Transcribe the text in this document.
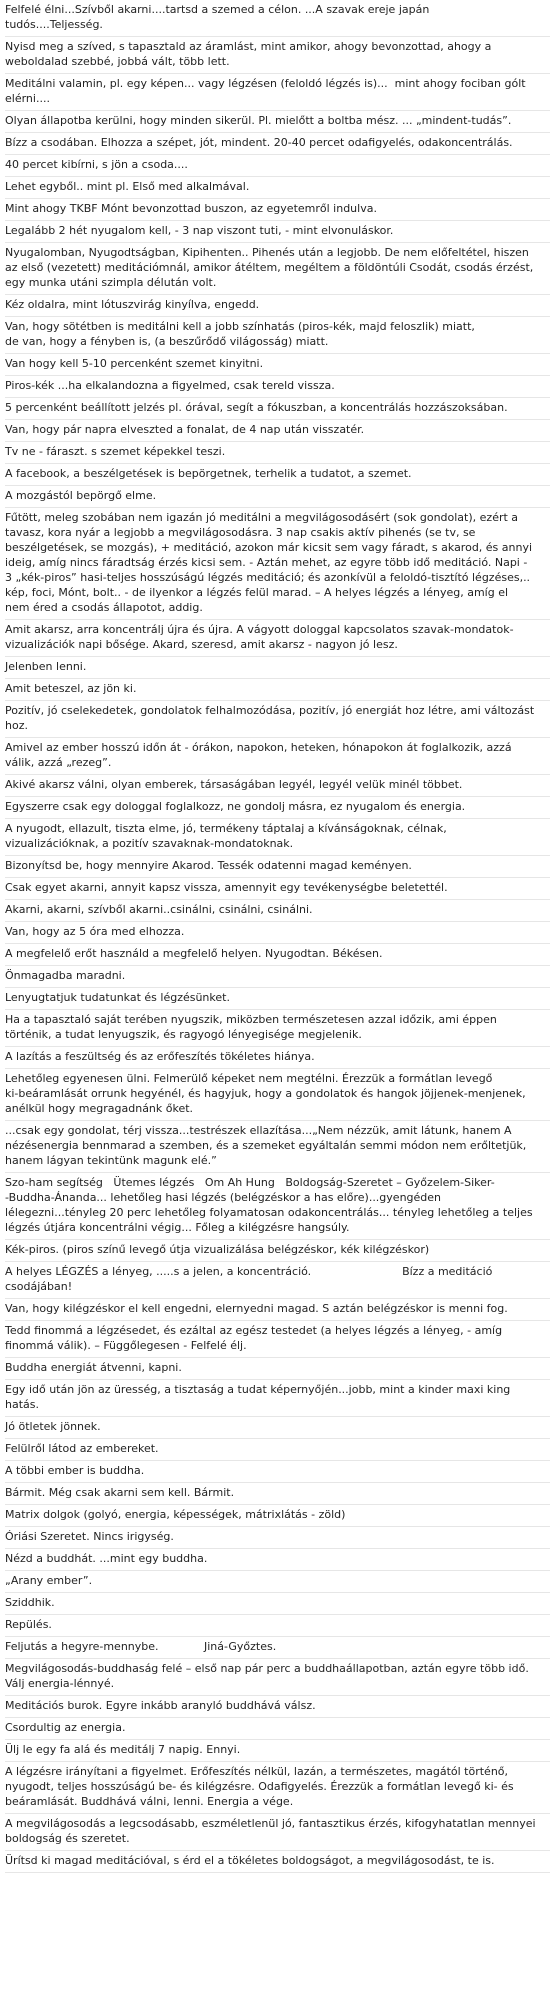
Felfelé élni...Szívből akarni....tartsd a szemed a célon. ...A szavak ereje japán
tudós....Teljesség.
Nyisd meg a szíved, s tapasztald az áramlást, mint amikor, ahogy bevonzottad, ahogy a
weboldalad szebbé, jobbá vált, több lett.
Meditálni valamin, pl. egy képen... vagy légzésen (feloldó légzés is)...  mint ahogy fociban gólt
elérni....
Olyan állapotba kerülni, hogy minden sikerül. Pl. mielőtt a boltba mész. ... „mindent-tudás”.
Bízz a csodában. Elhozza a szépet, jót, mindent. 20-40 percet odafigyelés, odakoncentrálás.
40 percet kibírni, s jön a csoda....
Lehet egyből.. mint pl. Első med alkalmával.
Mint ahogy TKBF Mónt bevonzottad buszon, az egyetemről indulva.
Legalább 2 hét nyugalom kell, - 3 nap viszont tuti, - mint elvonuláskor.
Nyugalomban, Nyugodtságban, Kipihenten.. Pihenés után a legjobb. De nem előfeltétel, hiszen
az első (vezetett) meditációmnál, amikor átéltem, megéltem a földöntúli Csodát, csodás érzést,
egy munka utáni szimpla délután volt.
Kéz oldalra, mint lótuszvirág kinyílva, engedd.
Van, hogy sötétben is meditálni kell a jobb színhatás (piros-kék, majd feloszlik) miatt,
de van, hogy a fényben is, (a beszűrődő világosság) miatt.
Van hogy kell 5-10 percenként szemet kinyitni.
Piros-kék ...ha elkalandozna a figyelmed, csak tereld vissza.
5 percenként beállított jelzés pl. órával, segít a fókuszban, a koncentrálás hozzászoksában.
Van, hogy pár napra elveszted a fonalat, de 4 nap után visszatér.
Tv ne - fáraszt. s szemet képekkel teszi.
A facebook, a beszélgetések is bepörgetnek, terhelik a tudatot, a szemet.
A mozgástól bepörgő elme.
Fűtött, meleg szobában nem igazán jó meditálni a megvilágosodásért (sok gondolat), ezért a
tavasz, kora nyár a legjobb a megvilágosodásra. 3 nap csakis aktív pihenés (se tv, se
beszélgetések, se mozgás), + meditáció, azokon már kicsit sem vagy fáradt, s akarod, és annyi
ideig, amíg nincs fáradtság érzés kicsi sem. - Aztán mehet, az egyre több idő meditáció. Napi -
3 „kék-piros” hasi-teljes hosszúságú légzés meditáció; és azonkívül a feloldó-tisztító légzéses,..
kép, foci, Mónt, bolt.. - de ilyenkor a légzés felül marad. – A helyes légzés a lényeg, amíg el
nem éred a csodás állapotot, addig.
Amit akarsz, arra koncentrálj újra és újra. A vágyott dologgal kapcsolatos szavak-mondatok-
vizualizációk napi bősége. Akard, szeresd, amit akarsz - nagyon jó lesz.
Jelenben lenni.
Amit beteszel, az jön ki.
Pozitív, jó cselekedetek, gondolatok felhalmozódása, pozitív, jó energiát hoz létre, ami változást
hoz.
Amivel az ember hosszú időn át - órákon, napokon, heteken, hónapokon át foglalkozik, azzá
válik, azzá „rezeg”.
Akivé akarsz válni, olyan emberek, társaságában legyél, legyél velük minél többet.
Egyszerre csak egy dologgal foglalkozz, ne gondolj másra, ez nyugalom és energia.
A nyugodt, ellazult, tiszta elme, jó, termékeny táptalaj a kívánságoknak, célnak,
vizualizációknak, a pozitív szavaknak-mondatoknak.
Bizonyítsd be, hogy mennyire Akarod. Tessék odatenni magad keményen.
Csak egyet akarni, annyit kapsz vissza, amennyit egy tevékenységbe beletettél.
Akarni, akarni, szívből akarni..csinálni, csinálni, csinálni.
Van, hogy az 5 óra med elhozza.
A megfelelő erőt használd a megfelelő helyen. Nyugodtan. Békésen.
Önmagadba maradni.
Lenyugtatjuk tudatunkat és légzésünket.
Ha a tapasztaló saját terében nyugszik, miközben természetesen azzal időzik, ami éppen
történik, a tudat lenyugszik, és ragyogó lényegisége megjelenik.
A lazítás a feszültség és az erőfeszítés tökéletes hiánya.
Lehetőleg egyenesen ülni. Felmerülő képeket nem megtélni. Érezzük a formátlan levegő
ki-beáramlását orrunk hegyénél, és hagyjuk, hogy a gondolatok és hangok jöjjenek-menjenek,
anélkül hogy megragadnánk őket.
...csak egy gondolat, térj vissza...testrészek ellazítása...„Nem nézzük, amit látunk, hanem A
nézésenergia bennmarad a szemben, és a szemeket egyáltalán semmi módon nem erőltetjük,
hanem lágyan tekintünk magunk elé.”
Szo-ham segítség   Ütemes légzés   Om Ah Hung   Boldogság-Szeretet – Győzelem-Siker-
-Buddha-Ánanda... lehetőleg hasi légzés (belégzéskor a has előre)...gyengéden
lélegezni...tényleg 20 perc lehetőleg folyamatosan odakoncentrálás... tényleg lehetőleg a teljes
légzés útjára koncentrálni végig... Főleg a kilégzésre hangsúly.
Kék-piros. (piros színű levegő útja vizualizálása belégzéskor, kék kilégzéskor)
A helyes LÉGZÉS a lényeg, .....s a jelen, a koncentráció.                          Bízz a meditáció
csodájában!
Van, hogy kilégzéskor el kell engedni, elernyedni magad. S aztán belégzéskor is menni fog.
Tedd finommá a légzésedet, és ezáltal az egész testedet (a helyes légzés a lényeg, - amíg
finommá válik). – Függőlegesen - Felfelé élj.
Buddha energiát átvenni, kapni.
Egy idő után jön az üresség, a tisztaság a tudat képernyőjén...jobb, mint a kinder maxi king
hatás.
Jó ötletek jönnek.
Felülről látod az embereket.
A többi ember is buddha.
Bármit. Még csak akarni sem kell. Bármit.
Matrix dolgok (golyó, energia, képességek, mátrixlátás - zöld)
Óriási Szeretet. Nincs irigység.
Nézd a buddhát. ...mint egy buddha.
„Arany ember”.
Sziddhik.
Repülés.
Feljutás a hegyre-mennybe.             Jiná-Győztes.
Megvilágosodás-buddhaság felé – első nap pár perc a buddhaállapotban, aztán egyre több idő.
Válj energia-lénnyé.
Meditációs burok. Egyre inkább aranyló buddhává válsz.
Csordultig az energia.
Ülj le egy fa alá és meditálj 7 napig. Ennyi.
A légzésre irányítani a figyelmet. Erőfeszítés nélkül, lazán, a természetes, magától történő,
nyugodt, teljes hosszúságú be- és kilégzésre. Odafigyelés. Érezzük a formátlan levegő ki- és
beáramlását. Buddhává válni, lenni. Energia a vége.
A megvilágosodás a legcsodásabb, eszméletlenül jó, fantasztikus érzés, kifogyhatatlan mennyei
boldogság és szeretet.
Ürítsd ki magad meditációval, s érd el a tökéletes boldogságot, a megvilágosodást, te is.
